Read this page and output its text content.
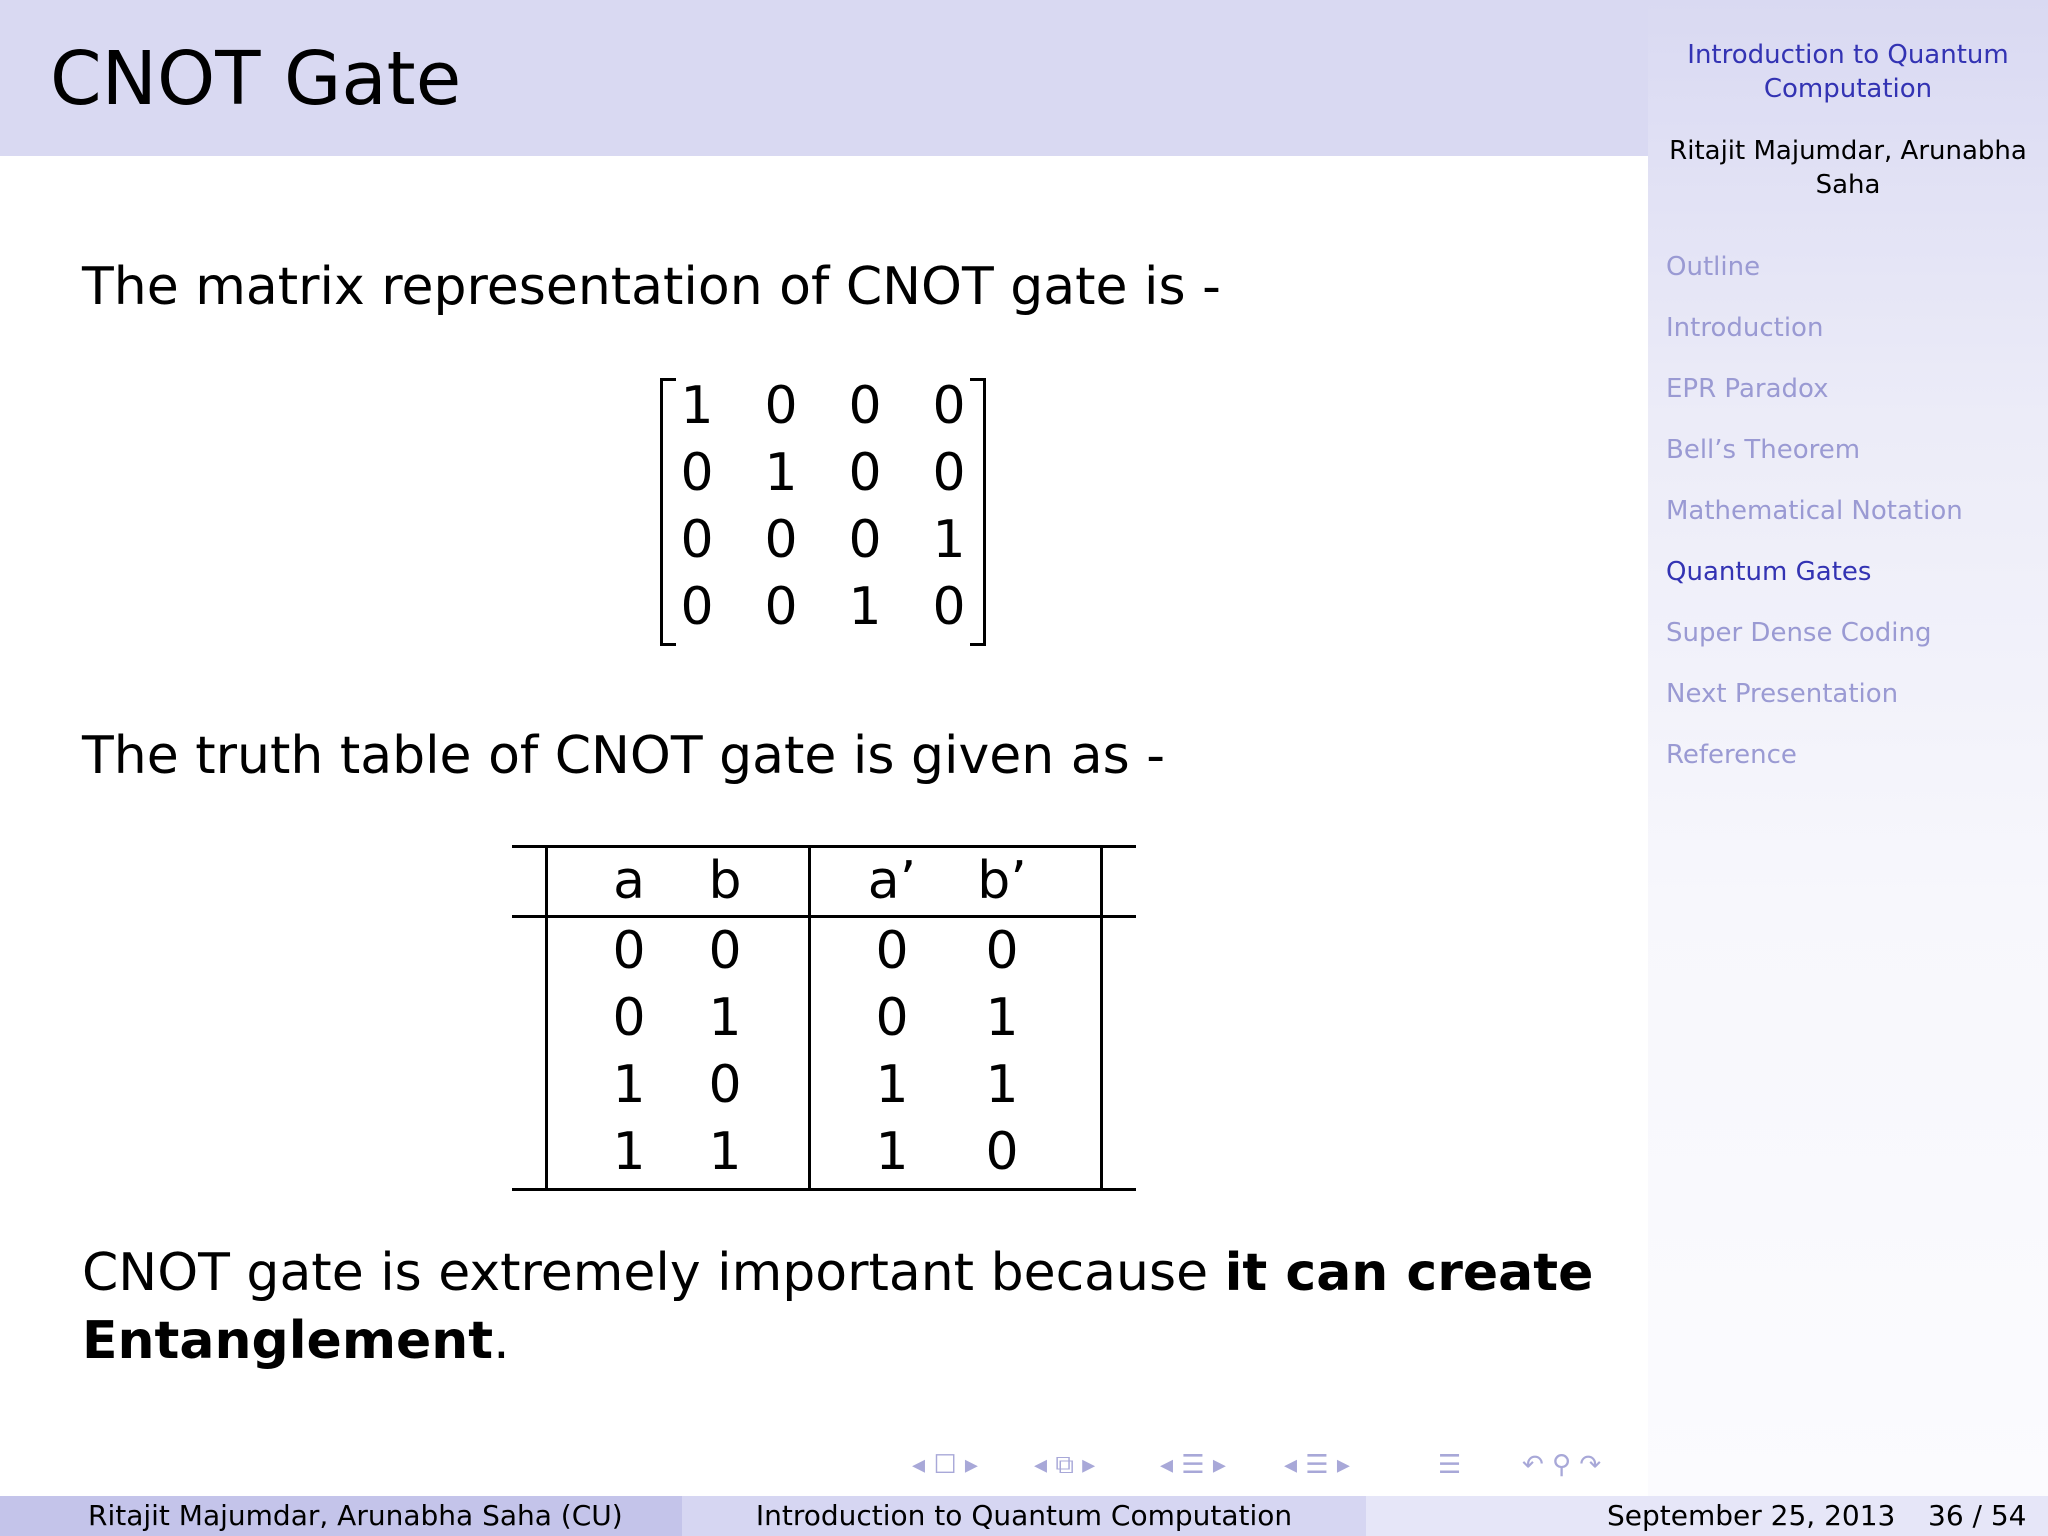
CNOT Gate	Introduction to Quantum
Computation
Ritajit Majumdar, Arunabha
Saha
Outline
Introduction
EPR Paradox
Bell’s Theorem
Mathematical Notation
Quantum Gates
Super Dense Coding
Next Presentation
Reference
The matrix representation of CNOT gate is -
1 0 0 0
0 1 0 0
0 0 0 1
0 0 1 0
The truth table of CNOT gate is given as -
a	b	a’ b’
0	0	0	0
0	1	0	1
1	0	1	1
1	1	1	0
CNOT gate is extremely important because it can create
Entanglement.
◂ ☐ ▸ ◂ ⧉ ▸ ◂ ☰ ▸ ◂ ☰ ▸	☰ ↶ ⚲ ↷
Ritajit Majumdar, Arunabha Saha (CU)	Introduction to Quantum Computation	September 25, 2013 36 / 54
